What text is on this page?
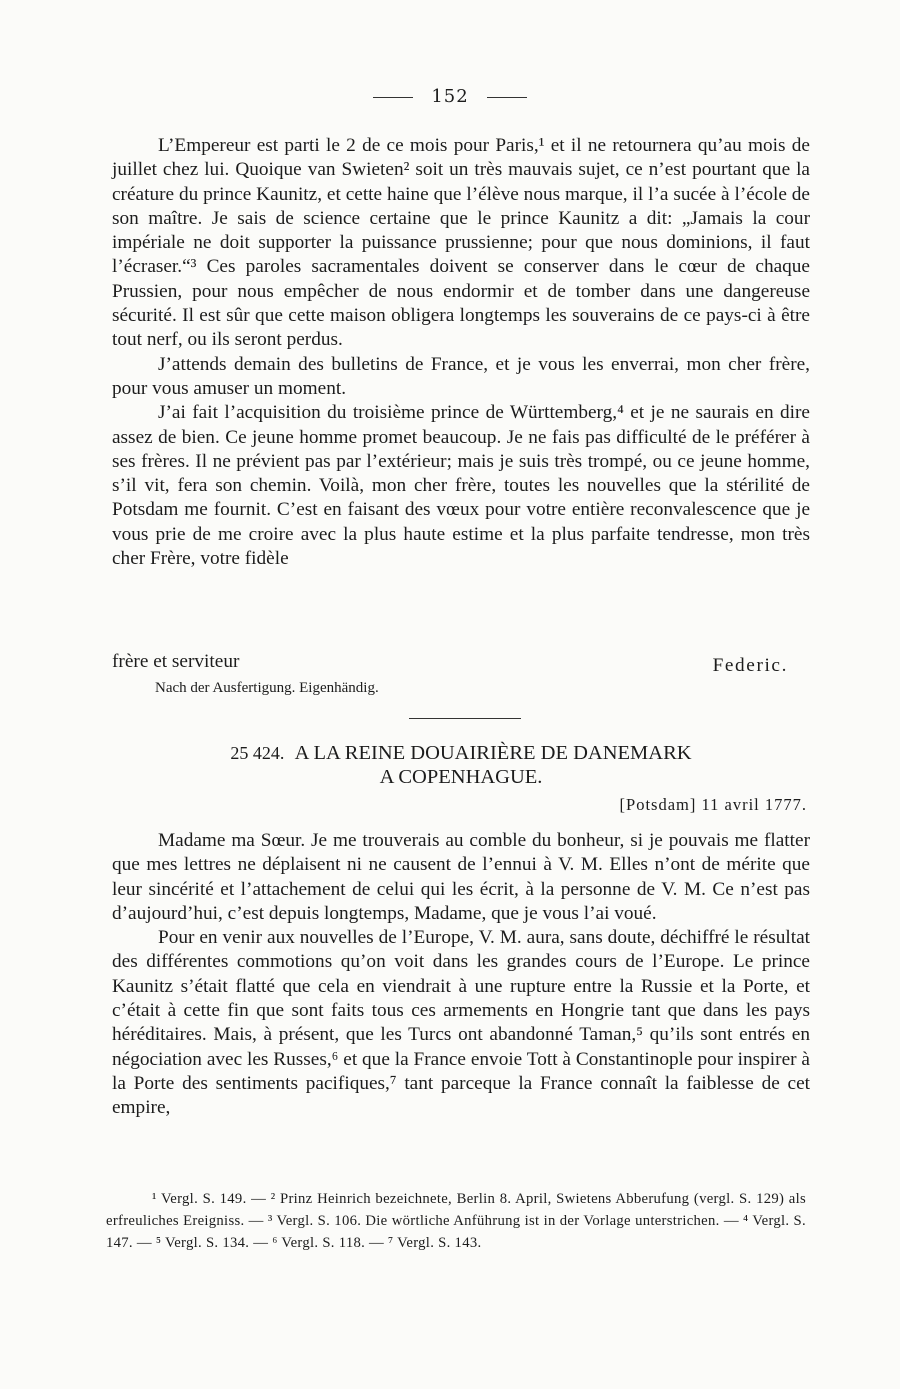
152

L’Empereur est parti le 2 de ce mois pour Paris,¹ et il ne retournera qu’au mois de juillet chez lui. Quoique van Swieten² soit un très mauvais sujet, ce n’est pourtant que la créature du prince Kaunitz, et cette haine que l’élève nous marque, il l’a sucée à l’école de son maître. Je sais de science certaine que le prince Kaunitz a dit: „Jamais la cour impériale ne doit supporter la puissance prussienne; pour que nous dominions, il faut l’écraser.“³ Ces paroles sacramentales doivent se conserver dans le cœur de chaque Prussien, pour nous empêcher de nous endormir et de tomber dans une dangereuse sécurité. Il est sûr que cette maison obligera longtemps les souverains de ce pays-ci à être tout nerf, ou ils seront perdus.

J’attends demain des bulletins de France, et je vous les enverrai, mon cher frère, pour vous amuser un moment.

J’ai fait l’acquisition du troisième prince de Württemberg,⁴ et je ne saurais en dire assez de bien. Ce jeune homme promet beaucoup. Je ne fais pas difficulté de le préférer à ses frères. Il ne prévient pas par l’extérieur; mais je suis très trompé, ou ce jeune homme, s’il vit, fera son chemin. Voilà, mon cher frère, toutes les nouvelles que la stérilité de Potsdam me fournit. C’est en faisant des vœux pour votre entière reconvalescence que je vous prie de me croire avec la plus haute estime et la plus parfaite tendresse, mon très cher Frère, votre fidèle

frère et serviteur	Federic.
Nach der Ausfertigung. Eigenhändig.
25 424. A LA REINE DOUAIRIÈRE DE DANEMARK
A COPENHAGUE.
[Potsdam] 11 avril 1777.

Madame ma Sœur. Je me trouverais au comble du bonheur, si je pouvais me flatter que mes lettres ne déplaisent ni ne causent de l’ennui à V. M. Elles n’ont de mérite que leur sincérité et l’attachement de celui qui les écrit, à la personne de V. M. Ce n’est pas d’aujourd’hui, c’est depuis longtemps, Madame, que je vous l’ai voué.

Pour en venir aux nouvelles de l’Europe, V. M. aura, sans doute, déchiffré le résultat des différentes commotions qu’on voit dans les grandes cours de l’Europe. Le prince Kaunitz s’était flatté que cela en viendrait à une rupture entre la Russie et la Porte, et c’était à cette fin que sont faits tous ces armements en Hongrie tant que dans les pays héréditaires. Mais, à présent, que les Turcs ont abandonné Taman,⁵ qu’ils sont entrés en négociation avec les Russes,⁶ et que la France envoie Tott à Constantinople pour inspirer à la Porte des sentiments pacifiques,⁷ tant parceque la France connaît la faiblesse de cet empire,

¹ Vergl. S. 149. — ² Prinz Heinrich bezeichnete, Berlin 8. April, Swietens Abberufung (vergl. S. 129) als erfreuliches Ereigniss. — ³ Vergl. S. 106. Die wörtliche Anführung ist in der Vorlage unterstrichen. — ⁴ Vergl. S. 147. — ⁵ Vergl. S. 134. — ⁶ Vergl. S. 118. — ⁷ Vergl. S. 143.
